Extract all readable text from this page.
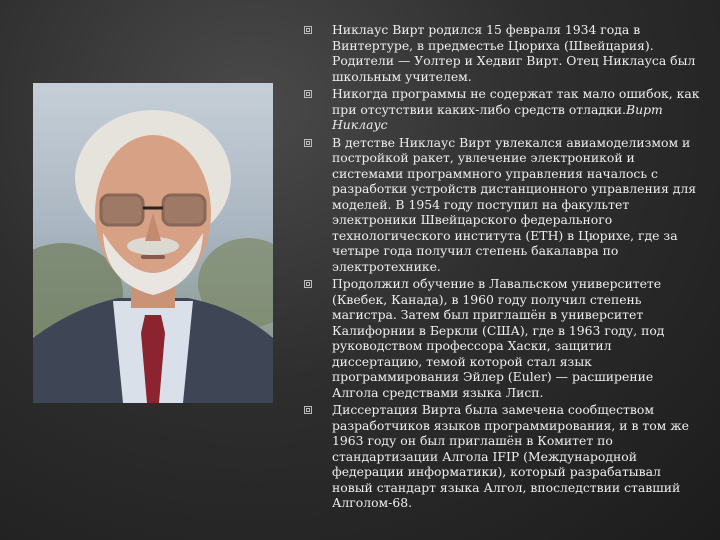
Никлаус Вирт родился 15 февраля 1934 года в Винтертуре, в предместье Цюриха (Швейцария). Родители — Уолтер и Хедвиг Вирт. Отец Никлауса был школьным учителем.
Никогда программы не содержат так мало ошибок, как при отсутствии каких-либо средств отладки.Вирт Никлаус
В детстве Никлаус Вирт увлекался авиамоделизмом и постройкой ракет, увлечение электроникой и системами программного управления началось с разработки устройств дистанционного управления для моделей. В 1954 году поступил на факультет электроники Швейцарского федерального технологического института (ETH) в Цюрихе, где за четыре года получил степень бакалавра по электротехнике.
Продолжил обучение в Лавальском университете (Квебек, Канада), в 1960 году получил степень магистра. Затем был приглашён в университет Калифорнии в Беркли (США), где в 1963 году, под руководством профессора Хаски, защитил диссертацию, темой которой стал язык программирования Эйлер (Euler) — расширение Алгола средствами языка Лисп.
Диссертация Вирта была замечена сообществом разработчиков языков программирования, и в том же 1963 году он был приглашён в Комитет по стандартизации Алгола IFIP (Международной федерации информатики), который разрабатывал новый стандарт языка Алгол, впоследствии ставший Алголом-68.
